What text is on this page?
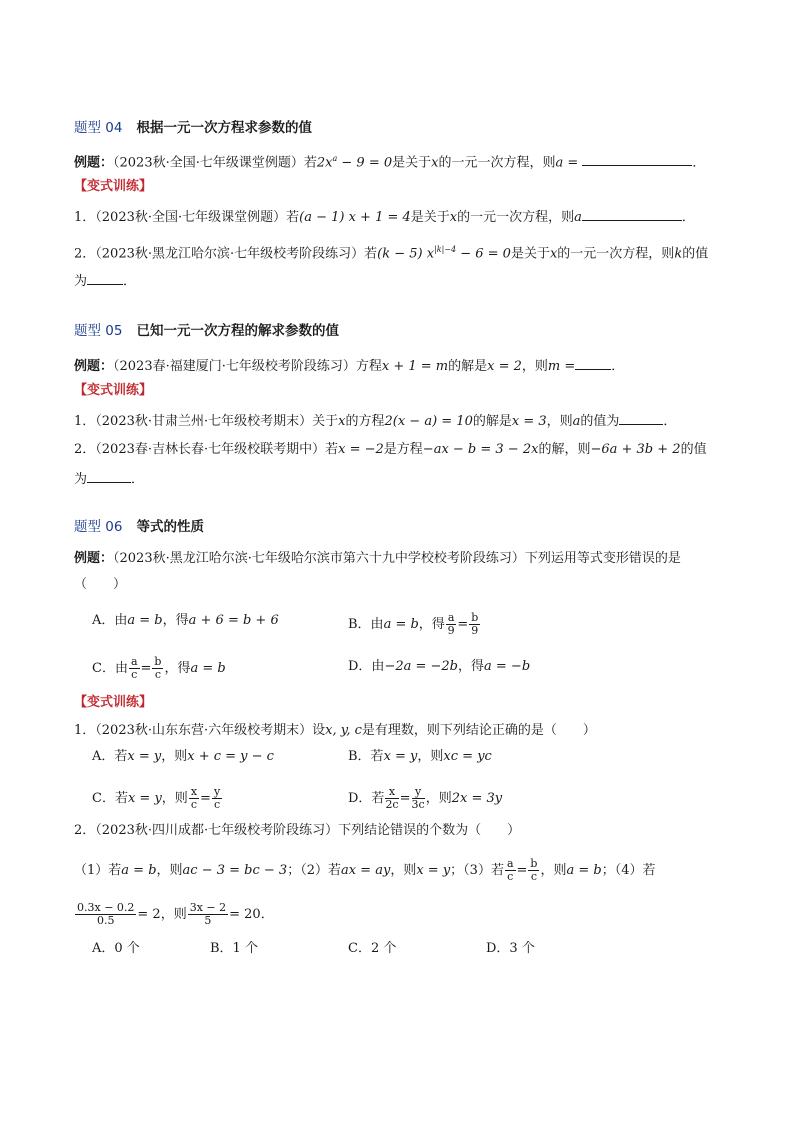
题型 04 根据一元一次方程求参数的值
例题：（2023秋·全国·七年级课堂例题）若$2x^a - 9 = 0$是关于x的一元一次方程，则a =	．
【变式训练】
1．（2023秋·全国·七年级课堂例题）若(a − 1) x + 1 = 4是关于x的一元一次方程，则a	．
2．（2023秋·黑龙江哈尔滨·七年级校考阶段练习）若(k − 5) $x^{|k|-4} - 6 = 0$是关于x的一元一次方程，则k的值
为	．
题型 05 已知一元一次方程的解求参数的值
例题：（2023春·福建厦门·七年级校考阶段练习）方程x + 1 = m的解是x = 2，则m =	．
【变式训练】
1．（2023秋·甘肃兰州·七年级校考期末）关于x的方程2(x − a) = 10的解是x = 3，则a的值为	．
2．（2023春·吉林长春·七年级校联考期中）若x = −2是方程−ax − b = 3 − 2x的解，则−6a + 3b + 2的值
为	．
题型 06 等式的性质
例题：（2023秋·黑龙江哈尔滨·七年级哈尔滨市第六十九中学校校考阶段练习）下列运用等式变形错误的是
（　　）
A．由a = b，得a + 6 = b + 6	B．由a = b，得 $\frac{a}{9} = \frac{b}{9}$
C．由 $\frac{a}{c} = \frac{b}{c}$ ，得a = b	D．由−2a = −2b，得a = −b
【变式训练】
1．（2023秋·山东东营·六年级校考期末）设x, y, c是有理数，则下列结论正确的是（　　）
A．若x = y，则x + c = y − c	B．若x = y，则xc = yc
C．若x = y，则 $\frac{x}{c} = \frac{y}{c}$	D．若 $\frac{x}{2c} = \frac{y}{3c}$ ，则2x = 3y
2．（2023秋·四川成都·七年级校考阶段练习）下列结论错误的个数为（　　）
（1）若a = b，则ac − 3 = bc − 3；（2）若ax = ay，则x = y；（3）若 $\frac{a}{c} = \frac{b}{c}$ ，则a = b；（4）若
$\frac{0.3x - 0.2}{0.5} = 2$，则 $\frac{3x - 2}{5} = 20$．
A．0 个	B．1 个	C．2 个	D．3 个
